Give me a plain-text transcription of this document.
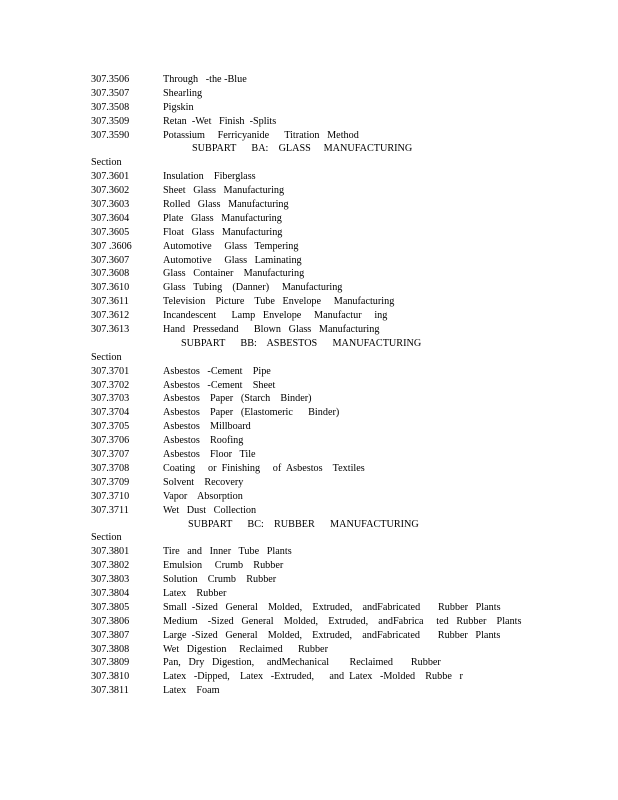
307.3506	Through   -the -Blue
307.3507	Shearling
307.3508	Pigskin
307.3509	Retan  -Wet   Finish  -Splits
307.3590	Potassium     Ferricyanide      Titration   Method
SUBPART      BA:    GLASS     MANUFACTURING
Section
307.3601	Insulation    Fiberglass
307.3602	Sheet   Glass   Manufacturing
307.3603	Rolled   Glass   Manufacturing
307.3604	Plate   Glass   Manufacturing
307.3605	Float   Glass   Manufacturing
307 .3606	Automotive     Glass   Tempering
307.3607	Automotive     Glass   Laminating
307.3608	Glass   Container    Manufacturing
307.3610	Glass   Tubing    (Danner)     Manufacturing
307.3611	Television    Picture    Tube   Envelope     Manufacturing
307.3612	Incandescent      Lamp   Envelope     Manufactur     ing
307.3613	Hand   Pressedand      Blown   Glass   Manufacturing
SUBPART      BB:    ASBESTOS      MANUFACTURING
Section
307.3701	Asbestos   -Cement    Pipe
307.3702	Asbestos   -Cement    Sheet
307.3703	Asbestos    Paper   (Starch    Binder)
307.3704	Asbestos    Paper   (Elastomeric      Binder)
307.3705	Asbestos    Millboard
307.3706	Asbestos    Roofing
307.3707	Asbestos    Floor   Tile
307.3708	Coating     or  Finishing     of  Asbestos    Textiles
307.3709	Solvent    Recovery
307.3710	Vapor    Absorption
307.3711	Wet   Dust   Collection
SUBPART      BC:    RUBBER      MANUFACTURING
Section
307.3801	Tire   and   Inner   Tube   Plants
307.3802	Emulsion     Crumb    Rubber
307.3803	Solution    Crumb    Rubber
307.3804	Latex    Rubber
307.3805	Small  -Sized   General    Molded,    Extruded,    andFabricated       Rubber   Plants
307.3806	Medium    -Sized   General    Molded,    Extruded,    andFabrica     ted   Rubber    Plants
307.3807	Large  -Sized   General    Molded,    Extruded,    andFabricated       Rubber   Plants
307.3808	Wet   Digestion     Reclaimed      Rubber
307.3809	Pan,   Dry   Digestion,     andMechanical        Reclaimed       Rubber
307.3810	Latex   -Dipped,    Latex   -Extruded,      and  Latex   -Molded    Rubbe   r
307.3811	Latex    Foam
